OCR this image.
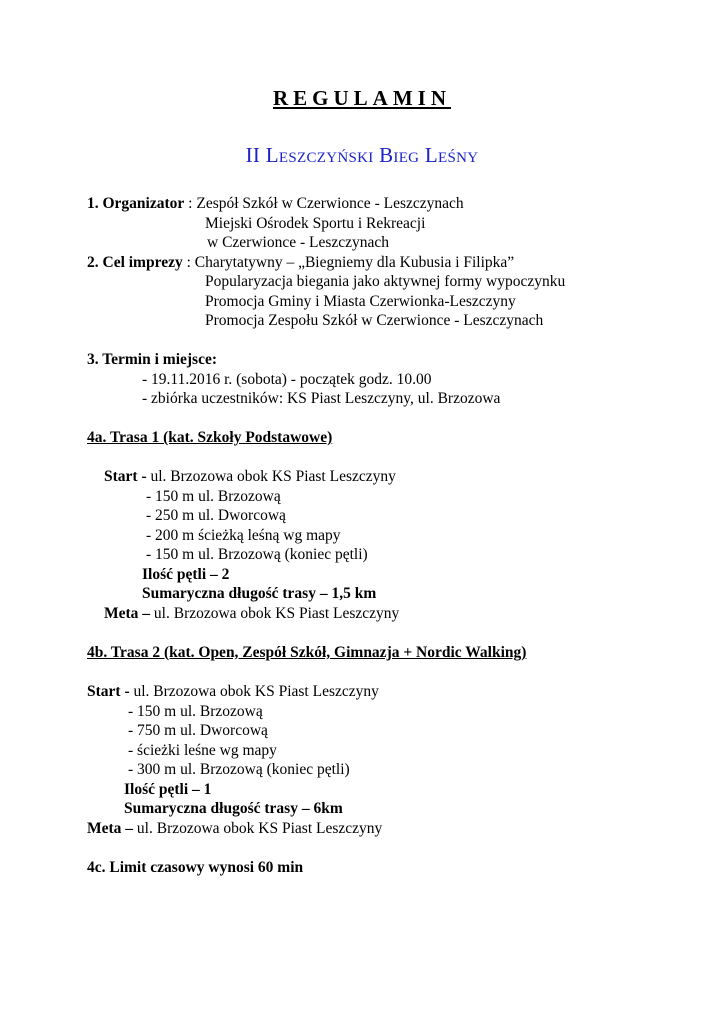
REGULAMIN
II Leszczyński Bieg Leśny
1. Organizator : Zespół Szkół w Czerwionce - Leszczynach
Miejski Ośrodek Sportu i Rekreacji
w Czerwionce - Leszczynach
2. Cel imprezy : Charytatywny – „Biegniemy dla Kubusia i Filipka”
Popularyzacja biegania jako aktywnej formy wypoczynku
Promocja Gminy i Miasta Czerwionka-Leszczyny
Promocja Zespołu Szkół w Czerwionce - Leszczynach
3. Termin i miejsce:
- 19.11.2016 r. (sobota) - początek godz. 10.00
- zbiórka uczestników: KS Piast Leszczyny, ul. Brzozowa
4a. Trasa 1 (kat. Szkoły Podstawowe)
Start - ul. Brzozowa obok KS Piast Leszczyny
- 150 m ul. Brzozową
- 250 m ul. Dworcową
- 200 m ścieżką leśną wg mapy
- 150 m ul. Brzozową (koniec pętli)
Ilość pętli – 2
Sumaryczna długość trasy – 1,5 km
Meta – ul. Brzozowa obok KS Piast Leszczyny
4b. Trasa 2 (kat. Open, Zespół Szkół, Gimnazja + Nordic Walking)
Start - ul. Brzozowa obok KS Piast Leszczyny
- 150 m ul. Brzozową
- 750 m ul. Dworcową
- ścieżki leśne wg mapy
- 300 m ul. Brzozową (koniec pętli)
Ilość pętli – 1
Sumaryczna długość trasy – 6km
Meta – ul. Brzozowa obok KS Piast Leszczyny
4c. Limit czasowy wynosi 60 min
